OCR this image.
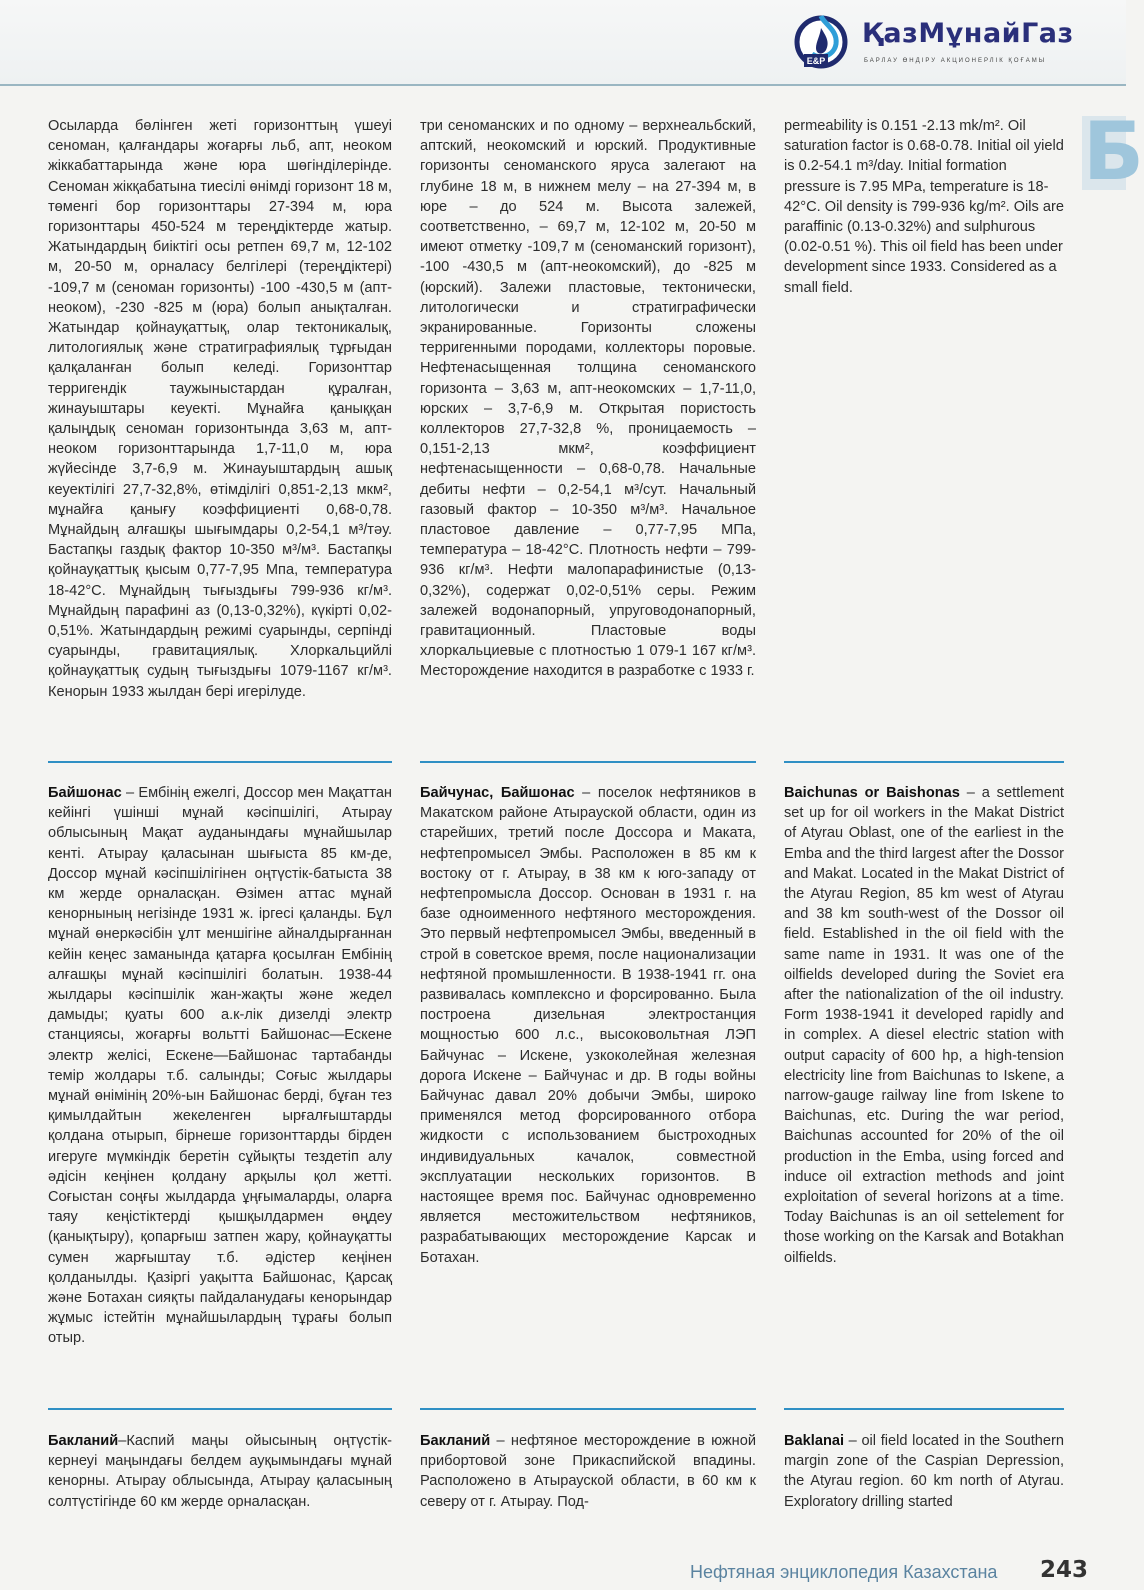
E&P
ҚазМұнайГаз
БАРЛАУ ӨНДІРУ АКЦИОНЕРЛІК ҚОҒАМЫ
Б
Осыларда бөлінген жеті горизонттың үшеуі сеноман, қалғандары жоғарғы льб, апт, неоком жіккабаттарында және юра шөгінділерінде. Сеноман жікқабатына тиесілі өнімді горизонт 18 м, төменгі бор горизонттары 27-394 м, юра горизонттары 450-524 м тереңдіктерде жатыр. Жатындардың биіктігі осы ретпен 69,7 м, 12-102 м, 20-50 м, орналасу белгілері (тереңдіктері) -109,7 м (сеноман горизонты) -100 -430,5 м (апт-неоком), -230 -825 м (юра) болып анықталған. Жатындар қойнауқаттық, олар тектоникалық, литологиялық және стратиграфиялық тұрғыдан қалқаланған болып келеді. Горизонттар терригендік таужыныстардан құралған, жинауыштары кеуекті. Мұнайға қаныққан қалыңдық сеноман горизонтында 3,63 м, апт-неоком горизонттарында 1,7-11,0 м, юра жүйесінде 3,7-6,9 м. Жинауыштардың ашық кеуектілігі 27,7-32,8%, өтімділігі 0,851-2,13 мкм², мұнайға қанығу коэффициенті 0,68-0,78. Мұнайдың алғашқы шығымдары 0,2-54,1 м³/тәу. Бастапқы газдық фактор 10-350 м³/м³. Бастапқы қойнауқаттық қысым 0,77-7,95 Мпа, температура 18-42°С. Мұнайдың тығыздығы 799-936 кг/м³. Мұнайдың парафині аз (0,13-0,32%), күкірті 0,02-0,51%. Жатындардың режимі суарынды, серпінді суарынды, гравитациялық. Хлоркальцийлі қойнауқаттық судың тығыздығы 1079-1167 кг/м³. Кенорын 1933 жылдан бері игерілуде.
три сеноманских и по одному – верхнеальбский, аптский, неокомский и юрский. Продуктивные горизонты сеноманского яруса залегают на глубине 18 м, в нижнем мелу – на 27-394 м, в юре – до 524 м. Высота залежей, соответственно, – 69,7 м, 12-102 м, 20-50 м имеют отметку -109,7 м (сеноманский горизонт), -100 -430,5 м (апт-неокомский), до -825 м (юрский). Залежи пластовые, тектонически, литологически и стратиграфически экранированные. Горизонты сложены терригенными породами, коллекторы поровые. Нефтенасыщенная толщина сеноманского горизонта – 3,63 м, апт-неокомских – 1,7-11,0, юрских – 3,7-6,9 м. Открытая пористость коллекторов 27,7-32,8 %, проницаемость – 0,151-2,13 мкм², коэффициент нефтенасыщенности – 0,68-0,78. Начальные дебиты нефти – 0,2-54,1 м³/сут. Начальный газовый фактор – 10-350 м³/м³. Начальное пластовое давление – 0,77-7,95 МПа, температура – 18-42°С. Плотность нефти – 799-936 кг/м³. Нефти малопарафинистые (0,13-0,32%), содержат 0,02-0,51% серы. Режим залежей водонапорный, упруговодонапорный, гравитационный. Пластовые воды хлоркальциевые с плотностью 1 079-1 167 кг/м³. Месторождение находится в разработке с 1933 г.
permeability is 0.151 -2.13 mk/m². Oil saturation factor is 0.68-0.78. Initial oil yield is 0.2-54.1 m³/day. Initial formation pressure is 7.95 MPa, temperature is 18-42°C. Oil density is 799-936 kg/m². Oils are paraffinic (0.13-0.32%) and sulphurous (0.02-0.51 %). This oil field has been under development since 1933. Considered as a small field.
Байшонас – Ембінің ежелгі, Доссор мен Мақаттан кейінгі үшінші мұнай кәсіпшілігі, Атырау облысының Мақат ауданындағы мұнайшылар кенті. Атырау қаласынан шығыста 85 км-де, Доссор мұнай кәсіпшілігінен оңтүстік-батыста 38 км жерде орналасқан. Өзімен аттас мұнай кенорнының негізінде 1931 ж. іргесі қаланды. Бұл мұнай өнеркәсібін ұлт меншігіне айналдырғаннан кейін кеңес заманында қатарға қосылған Ембінің алғашқы мұнай кәсіпшілігі болатын. 1938-44 жылдары кәсіпшілік жан-жақты және жедел дамыды; қуаты 600 а.к-лік дизелді электр станциясы, жоғарғы вольтті Байшонас—Ескене электр желісі, Ескене—Байшонас тартабанды темір жолдары т.б. салынды; Соғыс жылдары мұнай өнімінің 20%-ын Байшонас берді, бұған тез қимылдайтын жекеленген ырғалғыштарды қолдана отырып, бірнеше горизонттарды бірден игеруге мүмкіндік беретін сұйықты тездетіп алу әдісін кеңінен қолдану арқылы қол жетті. Соғыстан соңғы жылдарда ұңғымаларды, оларға таяу кеңістіктерді қышқылдармен өңдеу (қанықтыру), қопарғыш затпен жару, қойнауқатты сумен жарғыштау т.б. әдістер кеңінен қолданылды. Қазіргі уақытта Байшонас, Қарсақ және Ботахан сияқты пайдаланудағы кенорындар жұмыс істейтін мұнайшылардың тұрағы болып отыр.
Байчунас, Байшонас – поселок нефтяников в Макатском районе Атырауской области, один из старейших, третий после Доссора и Маката, нефтепромысел Эмбы. Расположен в 85 км к востоку от г. Атырау, в 38 км к юго-западу от нефтепромысла Доссор. Основан в 1931 г. на базе одноименного нефтяного месторождения. Это первый нефтепромысел Эмбы, введенный в строй в советское время, после национализации нефтяной промышленности. В 1938-1941 гг. она развивалась комплексно и форсированно. Была построена дизельная электростанция мощностью 600 л.с., высоковольтная ЛЭП Байчунас – Искене, узкоколейная железная дорога Искене – Байчунас и др. В годы войны Байчунас давал 20% добычи Эмбы, широко применялся метод форсированного отбора жидкости с использованием быстроходных индивидуальных качалок, совместной эксплуатации нескольких горизонтов. В настоящее время пос. Байчунас одновременно является местожительством нефтяников, разрабатывающих месторождение Карсак и Ботахан.
Baichunas or Baishonas – a settlement set up for oil workers in the Makat District of Atyrau Oblast, one of the earliest in the Emba and the third largest after the Dossor and Makat. Located in the Makat District of the Atyrau Region, 85 km west of Atyrau and 38 km south-west of the Dossor oil field. Established in the oil field with the same name in 1931. It was one of the oilfields developed during the Soviet era after the nationalization of the oil industry. Form 1938-1941 it developed rapidly and in complex. A diesel electric station with output capacity of 600 hp, a high-tension electricity line from Baichunas to Iskene, a narrow-gauge railway line from Iskene to Baichunas, etc. During the war period, Baichunas accounted for 20% of the oil production in the Emba, using forced and induce oil extraction methods and joint exploitation of several horizons at a time. Today Baichunas is an oil settelement for those working on the Karsak and Botakhan oilfields.
Бакланий–Каспий маңы ойысының оңтүстік-кернеуі маңындағы белдем ауқымындағы мұнай кенорны. Атырау облысында, Атырау қаласының солтүстігінде 60 км жерде орналасқан.
Бакланий – нефтяное месторождение в южной прибортовой зоне Прикаспийской впадины. Расположено в Атырауской области, в 60 км к северу от г. Атырау. Под-
Baklanai – oil field located in the Southern margin zone of the Caspian Depression, the Atyrau region. 60 km north of Atyrau. Exploratory drilling started
Нефтяная энциклопедия Казахстана 243
